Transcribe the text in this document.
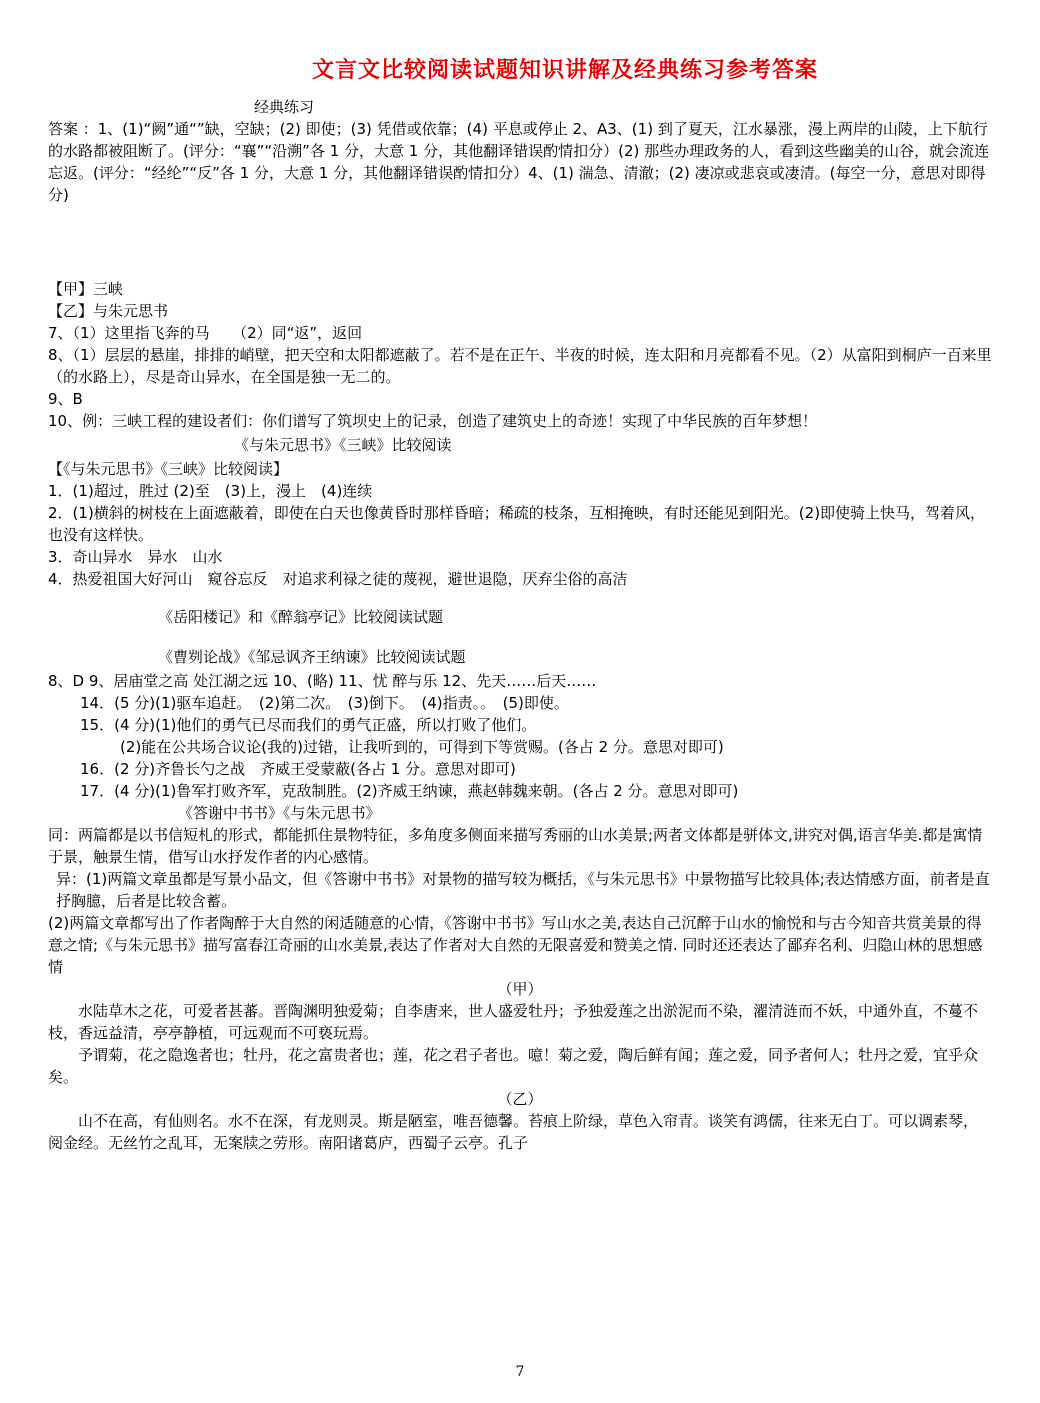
文言文比较阅读试题知识讲解及经典练习参考答案
经典练习
答案 ：1、(1)“阙”通“”缺，空缺；(2) 即使；(3) 凭借或依靠；(4) 平息或停止 2、A3、(1) 到了夏天，江水暴涨，漫上两岸的山陵，上下航行的水路都被阻断了。(评分：“襄”“沿溯”各 1 分，大意 1 分，其他翻译错误酌情扣分）(2) 那些办理政务的人，看到这些幽美的山谷，就会流连忘返。(评分：“经纶”“反”各 1 分，大意 1 分，其他翻译错误酌情扣分）4、(1) 湍急、清澈；(2) 凄凉或悲哀或凄清。(每空一分，意思对即得分)
【甲】三峡
【乙】与朱元思书
7、（1）这里指飞奔的马　　（2）同“返”，返回
8、（1）层层的悬崖，排排的峭壁，把天空和太阳都遮蔽了。若不是在正午、半夜的时候，连太阳和月亮都看不见。（2）从富阳到桐庐一百来里（的水路上），尽是奇山异水，在全国是独一无二的。
9、B
10、例：三峡工程的建设者们：你们谱写了筑坝史上的记录，创造了建筑史上的奇迹！实现了中华民族的百年梦想！
《与朱元思书》《三峡》比较阅读
【《与朱元思书》《三峡》比较阅读】
1．(1)超过，胜过 (2)至　(3)上，漫上　(4)连续
2．(1)横斜的树枝在上面遮蔽着，即使在白天也像黄昏时那样昏暗；稀疏的枝条，互相掩映，有时还能见到阳光。(2)即使骑上快马，驾着风，也没有这样快。
3．奇山异水　异水　山水
4．热爱祖国大好河山　窥谷忘反　对追求利禄之徒的蔑视，避世退隐，厌弃尘俗的高洁
《岳阳楼记》和《醉翁亭记》比较阅读试题
《曹刿论战》《邹忌讽齐王纳谏》比较阅读试题
8、D 9、居庙堂之高 处江湖之远 10、(略) 11、忧 醉与乐 12、先天……后天……
14．(5 分)(1)驱车追赶。　(2)第二次。　(3)倒下。　(4)指责。。　(5)即使。
15．(4 分)(1)他们的勇气已尽而我们的勇气正盛，所以打败了他们。
(2)能在公共场合议论(我的)过错，让我听到的，可得到下等赏赐。(各占 2 分。意思对即可)
16．(2 分)齐鲁长勺之战　齐威王受蒙蔽(各占 1 分。意思对即可)
17．(4 分)(1)鲁军打败齐军，克敌制胜。(2)齐威王纳谏，燕赵韩魏来朝。(各占 2 分。意思对即可)
《答谢中书书》《与朱元思书》
同：两篇都是以书信短札的形式，都能抓住景物特征，多角度多侧面来描写秀丽的山水美景;两者文体都是骈体文,讲究对偶,语言华美.都是寓情于景，触景生情，借写山水抒发作者的内心感情。
异：(1)两篇文章虽都是写景小品文，但《答谢中书书》对景物的描写较为概括，《与朱元思书》中景物描写比较具体;表达情感方面，前者是直抒胸臆，后者是比较含蓄。
(2)两篇文章都写出了作者陶醉于大自然的闲适随意的心情，《答谢中书书》写山水之美,表达自己沉醉于山水的愉悦和与古今知音共赏美景的得意之情;《与朱元思书》描写富春江奇丽的山水美景,表达了作者对大自然的无限喜爱和赞美之情. 同时还还表达了鄙弃名利、归隐山林的思想感情
（甲）
水陆草木之花，可爱者甚蕃。晋陶渊明独爱菊；自李唐来，世人盛爱牡丹；予独爱莲之出淤泥而不染，濯清涟而不妖，中通外直，不蔓不枝，香远益清，亭亭静植，可远观而不可亵玩焉。
予谓菊，花之隐逸者也；牡丹，花之富贵者也；莲，花之君子者也。噫！菊之爱，陶后鲜有闻；莲之爱，同予者何人；牡丹之爱，宜乎众矣。
（乙）
山不在高，有仙则名。水不在深，有龙则灵。斯是陋室，唯吾德馨。苔痕上阶绿，草色入帘青。谈笑有鸿儒，往来无白丁。可以调素琴，阅金经。无丝竹之乱耳，无案牍之劳形。南阳诸葛庐，西蜀子云亭。孔子
7
